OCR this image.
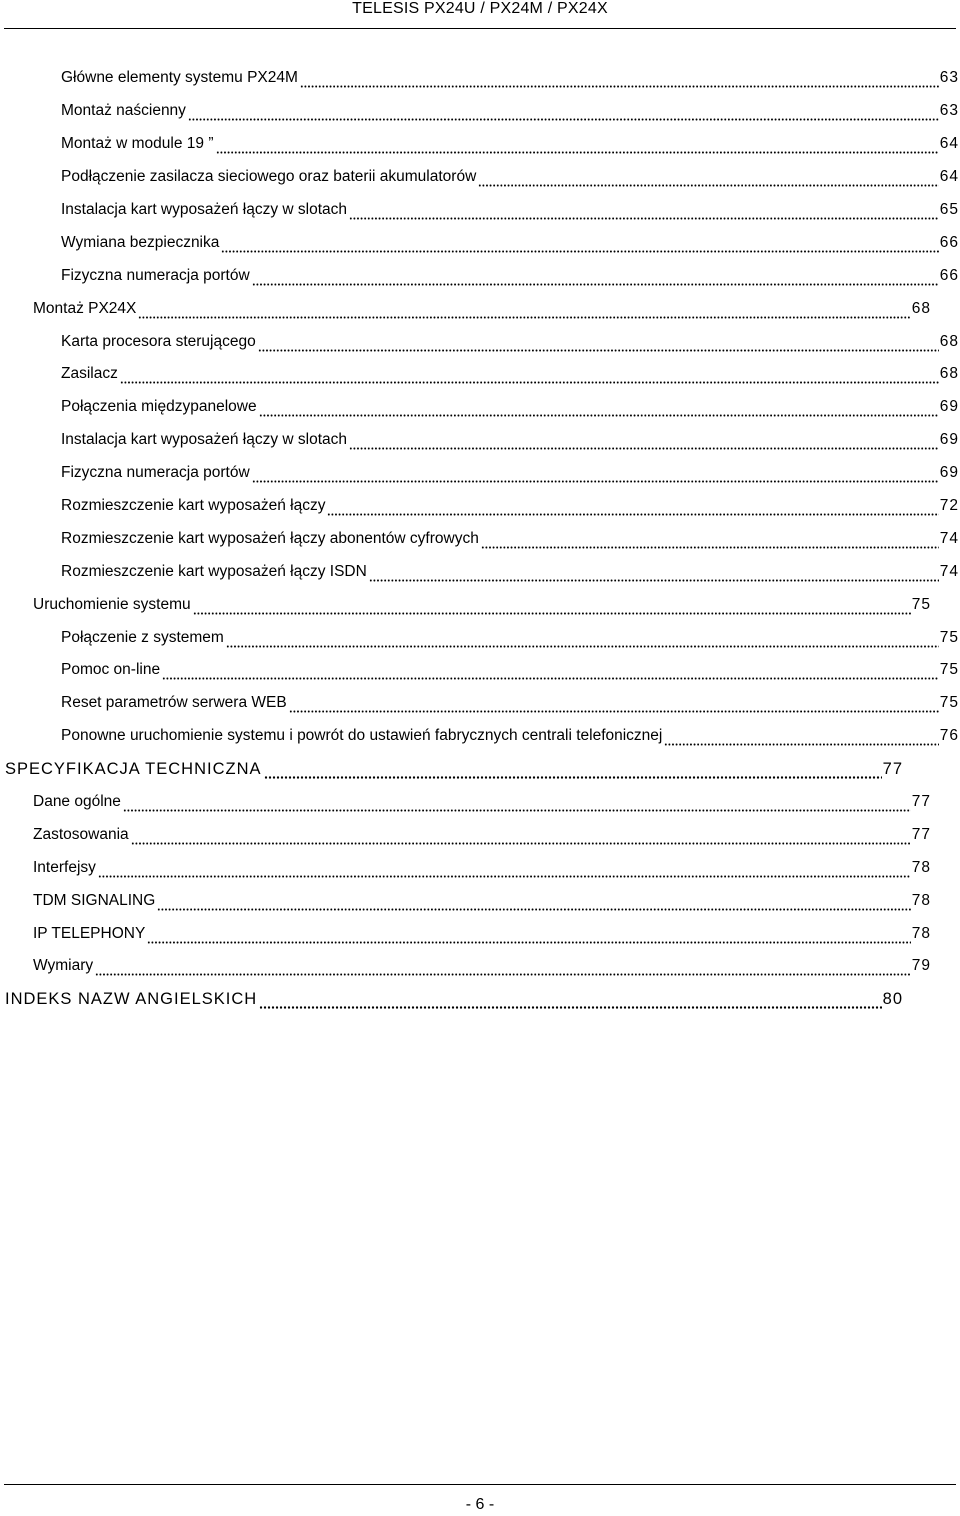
TELESIS PX24U / PX24M / PX24X
Główne elementy systemu PX24M	63
Montaż naścienny	63
Montaż w module 19 ”	64
Podłączenie zasilacza sieciowego oraz baterii akumulatorów	64
Instalacja kart wyposażeń łączy w slotach	65
Wymiana bezpiecznika	66
Fizyczna numeracja portów	66
Montaż PX24X	68
Karta procesora sterującego	68
Zasilacz	68
Połączenia międzypanelowe	69
Instalacja kart wyposażeń łączy w slotach	69
Fizyczna numeracja portów	69
Rozmieszczenie kart wyposażeń łączy	72
Rozmieszczenie kart wyposażeń łączy abonentów cyfrowych	74
Rozmieszczenie kart wyposażeń łączy ISDN	74
Uruchomienie systemu	75
Połączenie z systemem	75
Pomoc on-line	75
Reset parametrów serwera WEB	75
Ponowne uruchomienie systemu i powrót do ustawień fabrycznych centrali telefonicznej	76
SPECYFIKACJA TECHNICZNA	77
Dane ogólne	77
Zastosowania	77
Interfejsy	78
TDM SIGNALING	78
IP TELEPHONY	78
Wymiary	79
INDEKS NAZW ANGIELSKICH	80
- 6 -
